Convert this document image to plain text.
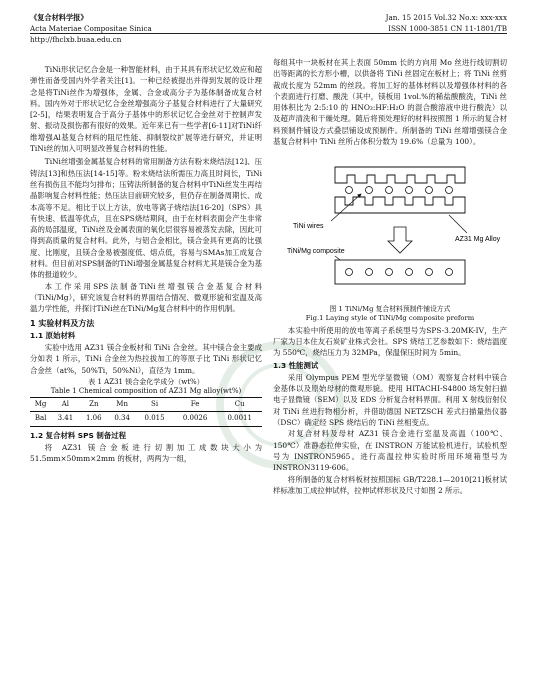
《复合材料学报》
Acta Materiae Compositae Sinica
http://fhclxb.buaa.edu.cn
Jan. 15 2015 Vol.32 No.x: xxx-xxx
ISSN 1000-3851 CN 11-1801/TB

TiNi形状记忆合金是一种智能材料，由于其具有形状记忆效应和超弹性而备受国内外学者关注[1]。一种已经被提出并得到发展的设计理念是将TiNi丝作为增强体，金属、合金或高分子为基体制备成复合材料。国内外对于形状记忆合金丝增强高分子基复合材料进行了大量研究[2-5]，结果表明复合于高分子基体中的形状记忆合金丝对于控制声发射、振动及损伤都有很好的效果。近年来已有一些学者[6-11]对TiNi纤维增强Al基复合材料的阻尼性能、抑制裂纹扩展等进行研究，并证明TiNi丝的加入可明显改善复合材料的性能。

TiNi丝增强金属基复合材料的常用制备方法有粉末烧结法[12]、压铸法[13]和热压法[14-15]等。粉末烧结法所需压力高且时间长，TiNi丝有损伤且不能均匀排布；压铸法所制备的复合材料中TiNi丝发生再结晶影响复合材料性能；热压法目前研究较多，但仍存在制备周期长、成本高等不足。相比于以上方法，放电等离子烧结法[16-20]（SPS）具有快速、低温等优点，且在SPS烧结期间，由于在材料表面会产生非常高的局部温度，TiNi丝及金属表面的氧化层很容易被蒸发去除，因此可得到高质量的复合材料。此外，与铝合金相比，镁合金具有更高的比强度、比刚度，且镁合金易被强度低、熔点低，容易与SMAs加工成复合材料。但目前对SPS制备的TiNi增强金属基复合材料尤其是镁合金为基体的报道较少。

本工作采用SPS法制备TiNi丝增强镁合金基复合材料（TiNi/Mg），研究该复合材料的界面结合情况、微观形貌和室温及高温力学性能，并探讨TiNi丝在TiNi/Mg复合材料中的作用机制。

1 实验材料及方法
1.1 原始材料

实验中选用 AZ31 镁合金板材和 TiNi 合金丝。其中镁合金主要成分如表 1 所示，TiNi 合金丝为热拉拔加工的等原子比 TiNi 形状记忆合金丝（at%，50%Ti，50%Ni），直径为 1mm。

表 1 AZ31 镁合金化学成分（wt%）
Table 1 Chemical composition of AZ31 Mg alloy(wt%)
Mg	Al	Zn	Mn	Si	Fe	Cu
Bal	3.41	1.06	0.34	0.015	0.0026	0.0011
1.2 复合材料 SPS 制备过程

将 AZ31 镁合金板进行切割加工成数块大小为 51.5mm×50mm×2mm 的板材，两两为一组，

每组其中一块板材在其上表面 50mm 长的方向用 Mo 丝进行线切割切出等距离的长方形小槽，以供备将 TiNi 丝固定在板材上；将 TiNi 丝剪裁成长度为 52mm 的丝段。将加工好的基体材料以及增强体材料的各个表面进行打磨、酸洗（其中，镁板用 1vol.%的稀盐酸酸洗，TiNi 丝用体积比为 2:5:10 的 HNO₃:HF:H₂O 的混合酸溶液中进行酸洗）以及超声清洗和干燥处理。随后将预处理好的材料按照图 1 所示的复合材料预制件铺设方式叠层铺设成预制件。所制备的 TiNi 丝增增强镁合金基复合材料中 TiNi 丝所占体积分数为 19.6%（总量为 100）。

TiNi wires
AZ31 Mg Alloy
TiNi/Mg composite
图 1 TiNi/Mg 复合材料预制件铺设方式
Fig.1 Laying style of TiNi/Mg composite preform

本实验中所使用的放电等离子系统型号为SPS-3.20MK-IV，生产厂家为日本住友石炭矿业株式会社。SPS 烧结工艺参数如下：烧结温度为 550℃，烧结压力为 32MPa，保温保压时间为 5min。

1.3 性能测试

采用 Olympus PEM 型光学显微镜（OM）观察复合材料中镁合金基体以及原始母材的微观形貌。使用 HITACHI-S4800 场发射扫描电子显微镜（SEM）以及 EDS 分析复合材料界面。利用 X 射线衍射仪对 TiNi 丝进行物相分析，并借助德国 NETZSCH 差式扫描量热仪器（DSC）确定经 SPS 烧结后的 TiNi 丝相变点。

对复合材料及母材 AZ31 镁合金进行室温及高温（100℃、150℃）准静态拉伸实验，在 INSTRON 万能试验机进行，试验机型号为 INSTRON5965。进行高温拉伸实验时所用环境箱型号为 INSTRON3119-606。

将所制备的复合材料板材按照国标 GB/T228.1—2010[21]板材试样标准加工成拉伸试样，拉伸试样形状及尺寸如图 2 所示。
